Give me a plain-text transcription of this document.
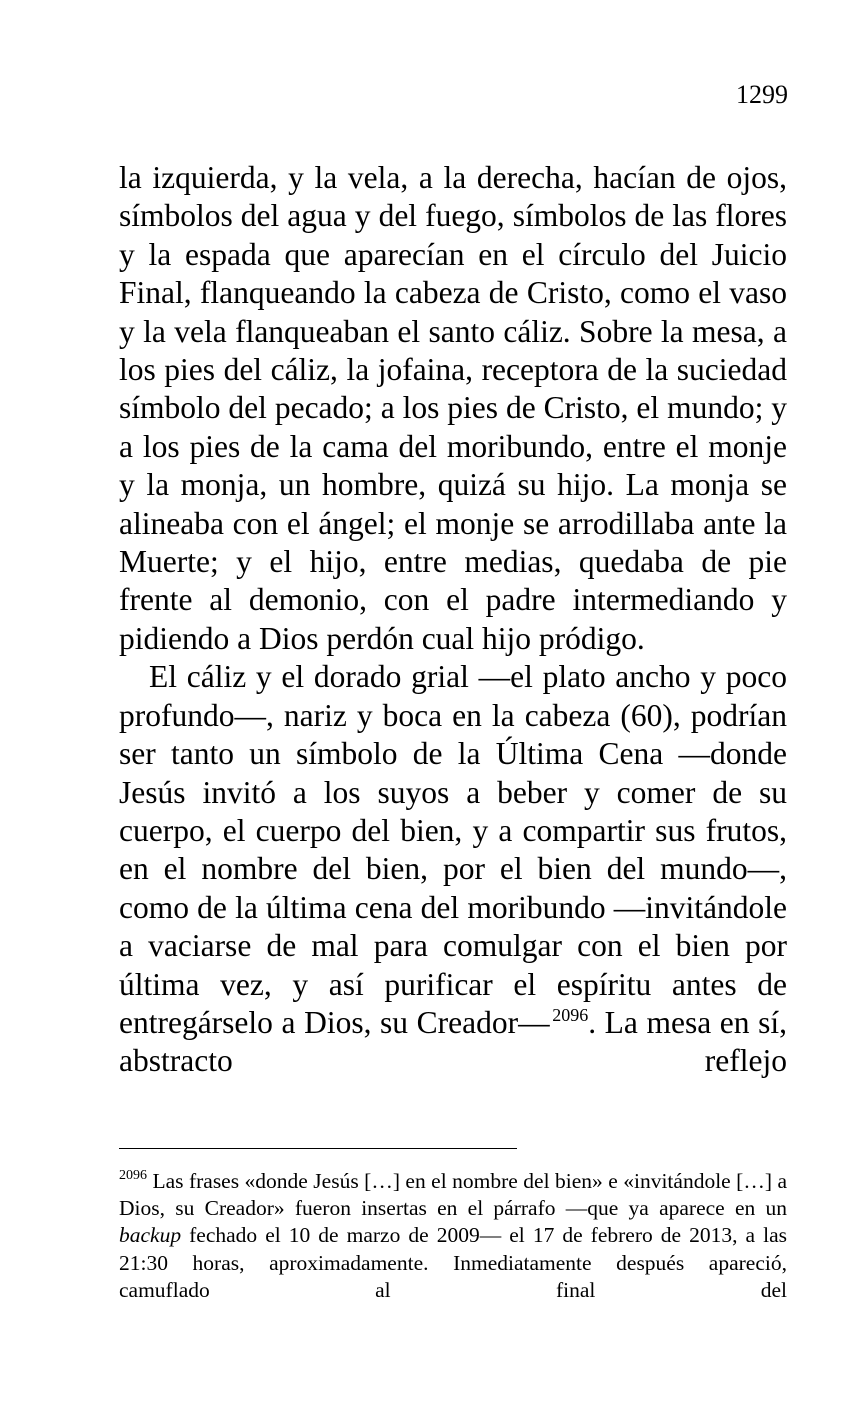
1299

la izquierda, y la vela, a la derecha, hacían de ojos, símbolos del agua y del fuego, símbolos de las flores y la espada que aparecían en el círculo del Juicio Final, flanqueando la cabeza de Cristo, como el vaso y la vela flanqueaban el santo cáliz. Sobre la mesa, a los pies del cáliz, la jofaina, receptora de la suciedad símbolo del pecado; a los pies de Cristo, el mundo; y a los pies de la cama del moribundo, entre el monje y la monja, un hombre, quizá su hijo. La monja se alineaba con el ángel; el monje se arrodillaba ante la Muerte; y el hijo, entre medias, quedaba de pie frente al demonio, con el padre intermediando y pidiendo a Dios perdón cual hijo pródigo.

El cáliz y el dorado grial —el plato ancho y poco profundo—, nariz y boca en la cabeza (60), podrían ser tanto un símbolo de la Última Cena —donde Jesús invitó a los suyos a beber y comer de su cuerpo, el cuerpo del bien, y a compartir sus frutos, en el nombre del bien, por el bien del mundo—, como de la última cena del moribundo —invitándole a vaciarse de mal para comulgar con el bien por última vez, y así purificar el espíritu antes de entregárselo a Dios, su Creador—  $^{2096}$. La mesa en sí, abstracto reflejo

$^{2096}$ Las frases «donde Jesús […] en el nombre del bien» e «invitándole […] a Dios, su Creador» fueron insertas en el párrafo —que ya aparece en un backup fechado el 10 de marzo de 2009— el 17 de febrero de 2013, a las 21:30 horas, aproximadamente. Inmediatamente después apareció, camuflado al final del
